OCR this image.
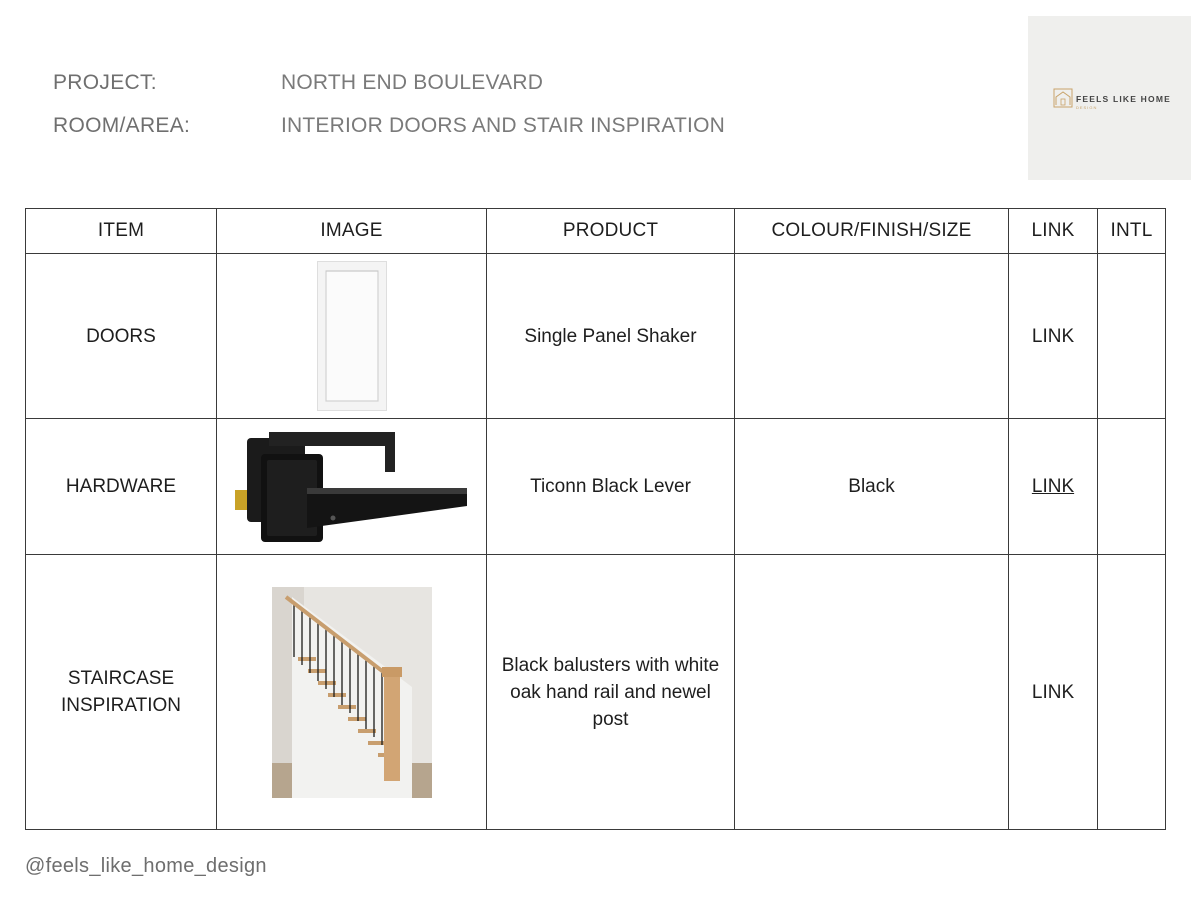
PROJECT:	NORTH END BOULEVARD
ROOM/AREA:	INTERIOR DOORS AND STAIR INSPIRATION
FEELS LIKE HOME
DESIGN
ITEM	IMAGE	PRODUCT	COLOUR/FINISH/SIZE	LINK	INTL
DOORS		Single Panel Shaker		LINK	
HARDWARE		Ticonn Black Lever	Black	LINK	
STAIRCASE INSPIRATION		Black balusters with white oak hand rail and newel post		LINK	
@feels_like_home_design
